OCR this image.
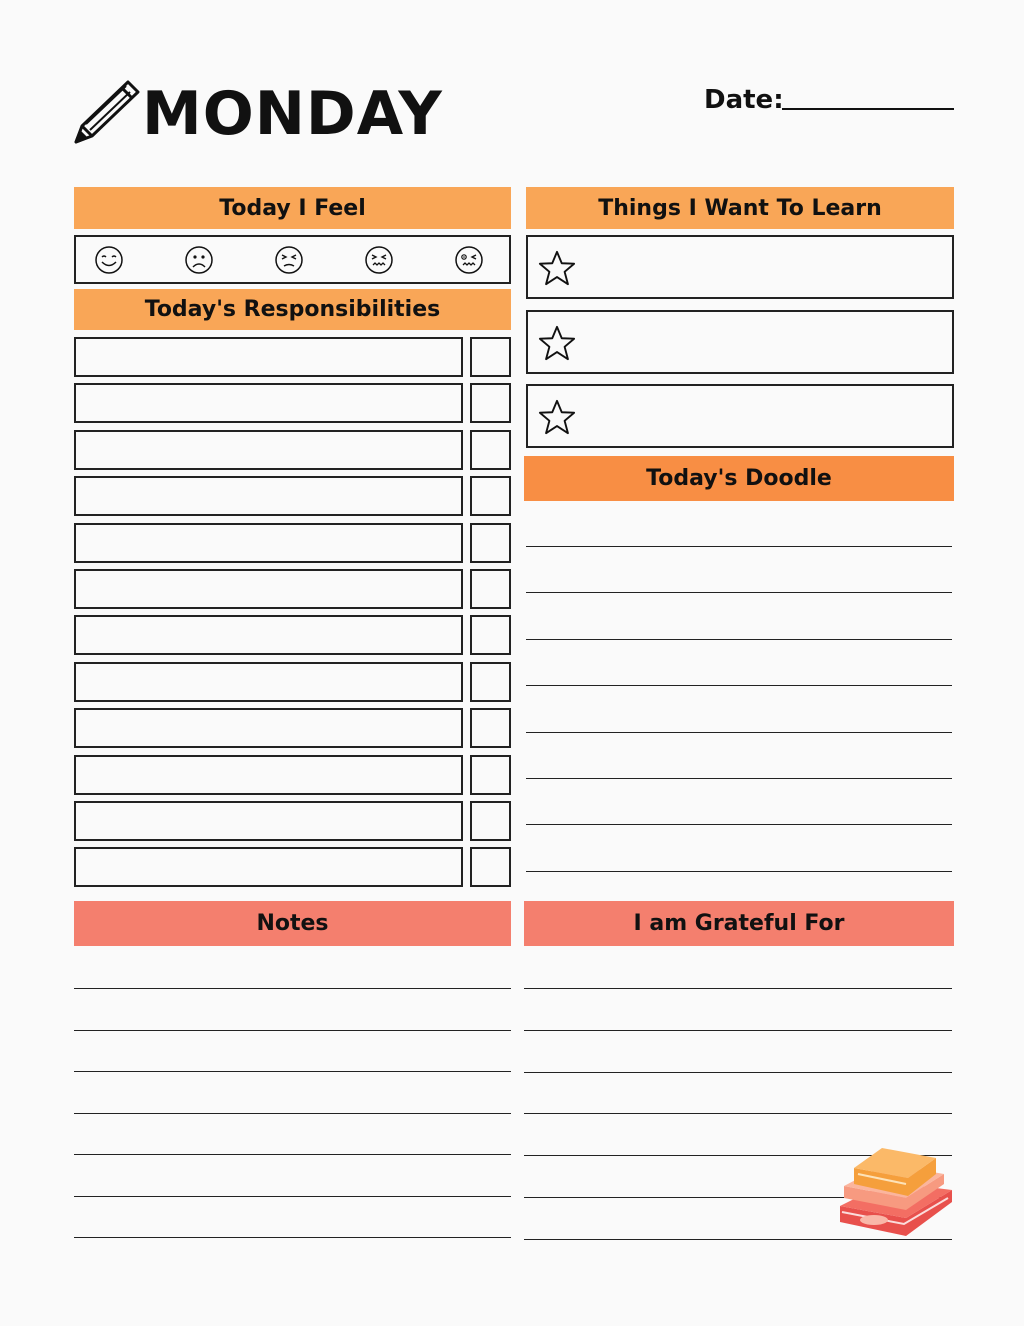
MONDAY	Date:
Today I Feel
Today's Responsibilities
Things I Want To Learn
Today's Doodle
Notes	I am Grateful For
